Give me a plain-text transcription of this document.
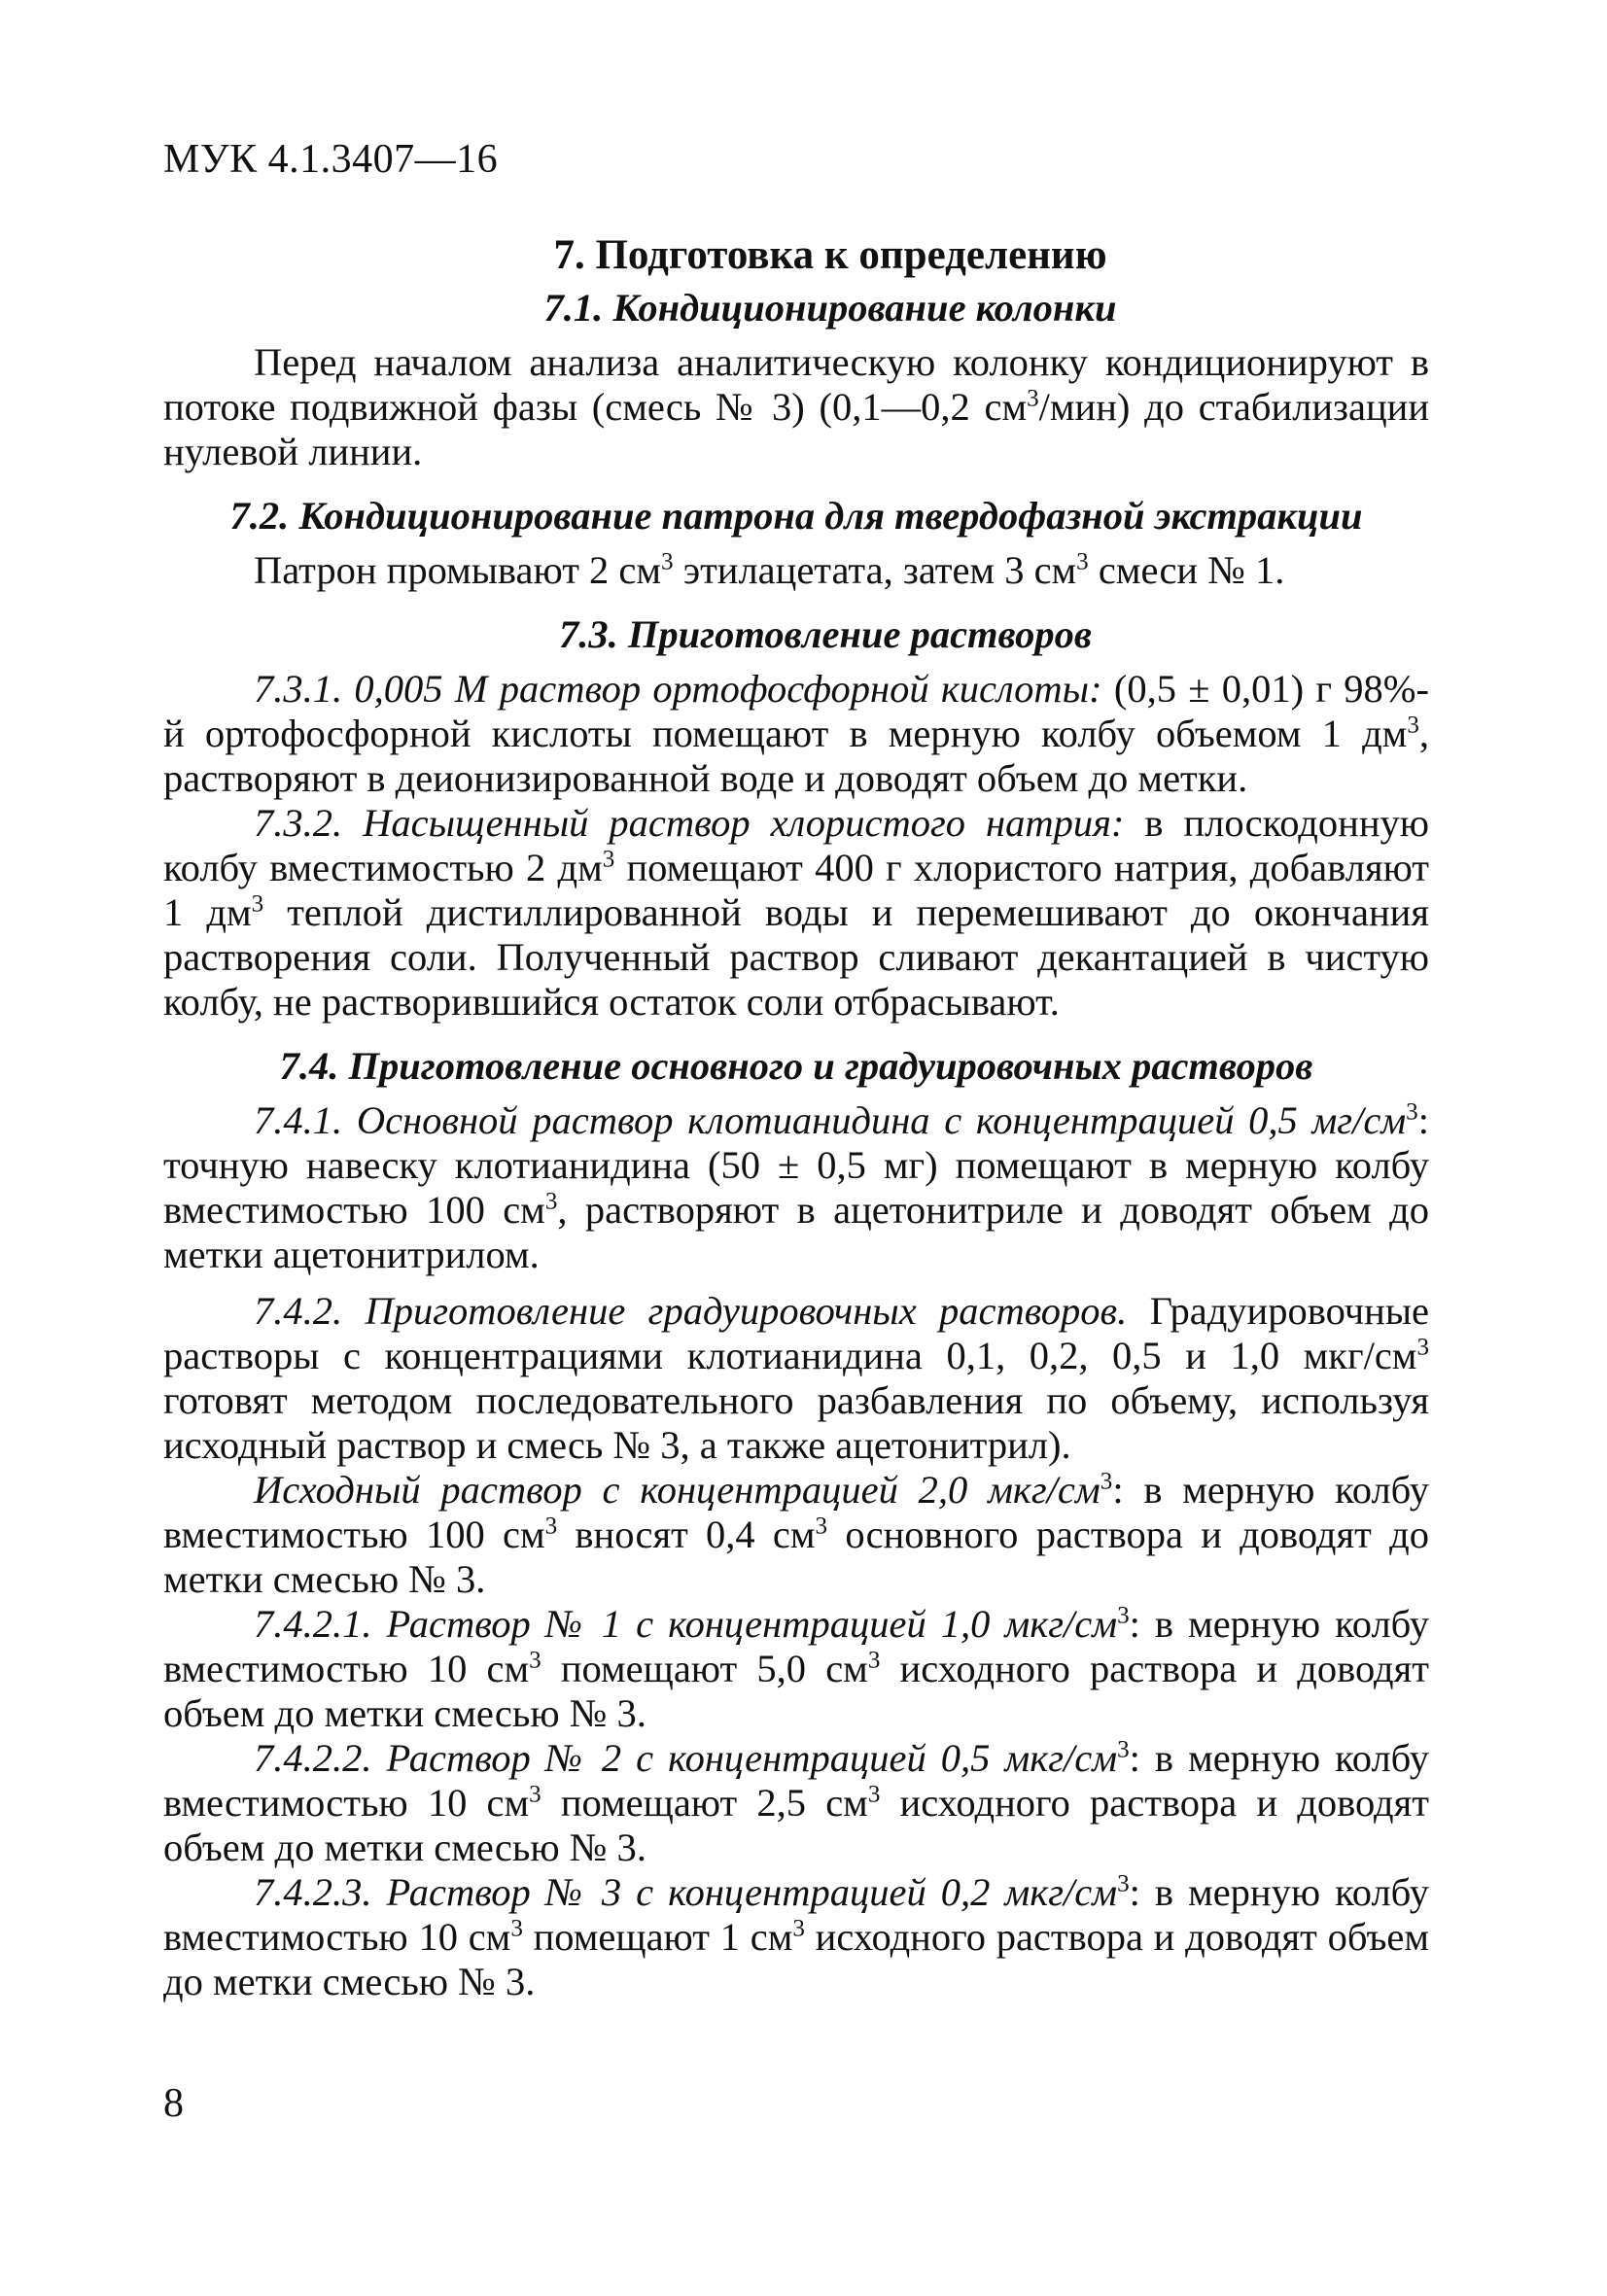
МУК 4.1.3407—16
7. Подготовка к определению
7.1. Кондиционирование колонки

Перед началом анализа аналитическую колонку кондиционируют в потоке подвижной фазы (смесь № 3) (0,1—0,2 $см^3/мин$) до стабилизации нулевой линии.

7.2. Кондиционирование патрона для твердофазной экстракции

Патрон промывают 2 $см^3$ этилацетата, затем 3 $см^3$ смеси № 1.

7.3. Приготовление растворов

7.3.1. 0,005 М раствор ортофосфорной кислоты: (0,5 ± 0,01) г 98%-й ортофосфорной кислоты помещают в мерную колбу объемом 1 $дм^3$, растворяют в деионизированной воде и доводят объем до метки.

7.3.2. Насыщенный раствор хлористого натрия: в плоскодонную колбу вместимостью 2 $дм^3$ помещают 400 г хлористого натрия, добавляют 1 $дм^3$ теплой дистиллированной воды и перемешивают до окончания растворения соли. Полученный раствор сливают декантацией в чистую колбу, не растворившийся остаток соли отбрасывают.

7.4. Приготовление основного и градуировочных растворов

7.4.1. Основной раствор клотианидина с концентрацией 0,5 $мг/см^3$: точную навеску клотианидина (50 ± 0,5 мг) помещают в мерную колбу вместимостью 100 $см^3$, растворяют в ацетонитриле и доводят объем до метки ацетонитрилом.

7.4.2. Приготовление градуировочных растворов. Градуировочные растворы с концентрациями клотианидина 0,1, 0,2, 0,5 и 1,0 мкг/$см^3$ готовят методом последовательного разбавления по объему, используя исходный раствор и смесь № 3, а также ацетонитрил).

Исходный раствор с концентрацией 2,0 мкг/$см^3$: в мерную колбу вместимостью 100 $см^3$ вносят 0,4 $см^3$ основного раствора и доводят до метки смесью № 3.

7.4.2.1. Раствор № 1 с концентрацией 1,0 мкг/$см^3$: в мерную колбу вместимостью 10 $см^3$ помещают 5,0 $см^3$ исходного раствора и доводят объем до метки смесью № 3.

7.4.2.2. Раствор № 2 с концентрацией 0,5 мкг/$см^3$: в мерную колбу вместимостью 10 $см^3$ помещают 2,5 $см^3$ исходного раствора и доводят объем до метки смесью № 3.

7.4.2.3. Раствор № 3 с концентрацией 0,2 мкг/$см^3$: в мерную колбу вместимостью 10 $см^3$ помещают 1 $см^3$ исходного раствора и доводят объем до метки смесью № 3.

8
